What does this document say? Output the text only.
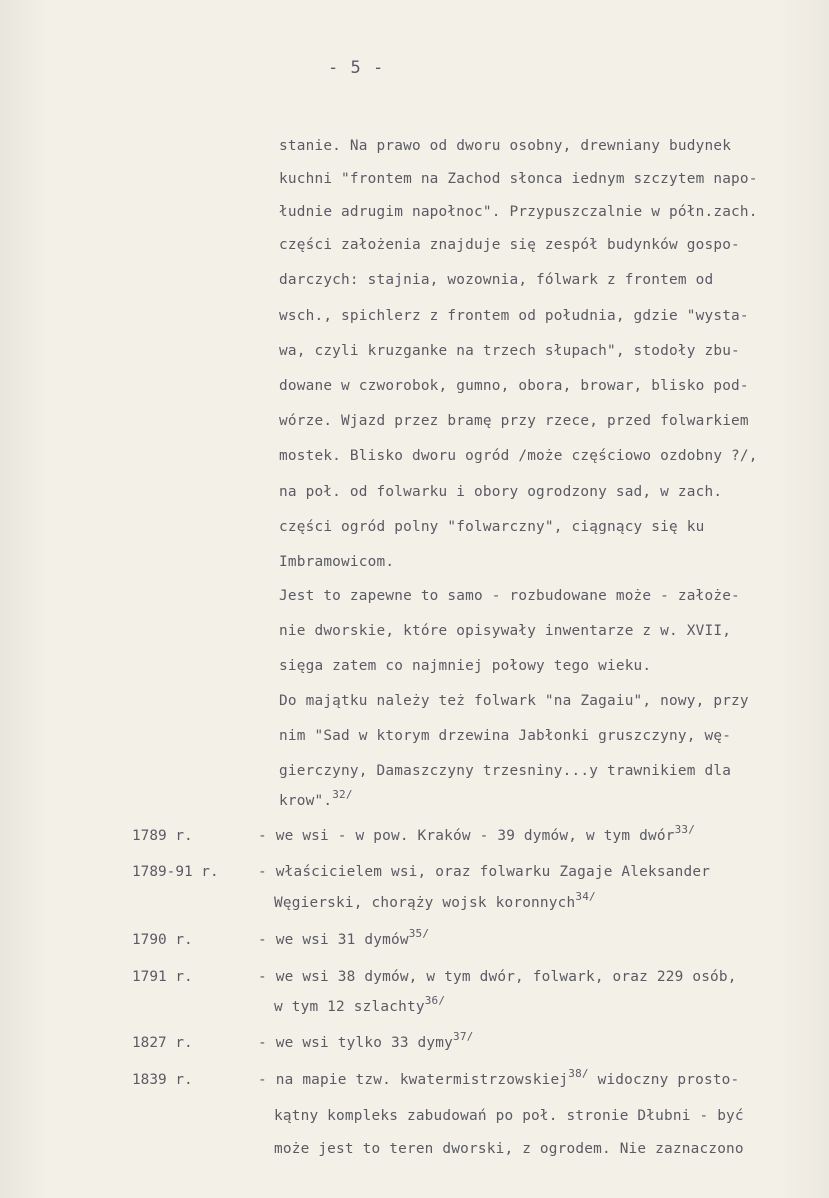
- 5 -
stanie. Na prawo od dworu osobny, drewniany budynek
kuchni "frontem na Zachod słonca iednym szczytem napo-
łudnie adrugim napołnoc". Przypuszczalnie w półn.zach.
części założenia znajduje się zespół budynków gospo-
darczych: stajnia, wozownia, fólwark z frontem od
wsch., spichlerz z frontem od południa, gdzie "wysta-
wa, czyli kruzganke na trzech słupach", stodoły zbu-
dowane w czworobok, gumno, obora, browar, blisko pod-
wórze. Wjazd przez bramę przy rzece, przed folwarkiem
mostek. Blisko dworu ogród /może częściowo ozdobny ?/,
na poł. od folwarku i obory ogrodzony sad, w zach.
części ogród polny "folwarczny", ciągnący się ku
Imbramowicom.
Jest to zapewne to samo - rozbudowane może - założe-
nie dworskie, które opisywały inwentarze z w. XVII,
sięga zatem co najmniej połowy tego wieku.
Do majątku należy też folwark "na Zagaiu", nowy, przy
nim "Sad w ktorym drzewina Jabłonki gruszczyny, wę-
gierczyny, Damaszczyny trzesniny...y trawnikiem dla
krow".$^{32/}$
1789 r.	- we wsi - w pow. Kraków - 39 dymów, w tym dwór$^{33/}$
1789-91 r.	- właścicielem wsi, oraz folwarku Zagaje Aleksander
Węgierski, chorąży wojsk koronnych$^{34/}$
1790 r.	- we wsi 31 dymów$^{35/}$
1791 r.	- we wsi 38 dymów, w tym dwór, folwark, oraz 229 osób,
w tym 12 szlachty$^{36/}$
1827 r.	- we wsi tylko 33 dymy$^{37/}$
1839 r.	- na mapie tzw. kwatermistrzowskiej$^{38/}$ widoczny prosto-
kątny kompleks zabudowań po poł. stronie Dłubni - być
może jest to teren dworski, z ogrodem. Nie zaznaczono
